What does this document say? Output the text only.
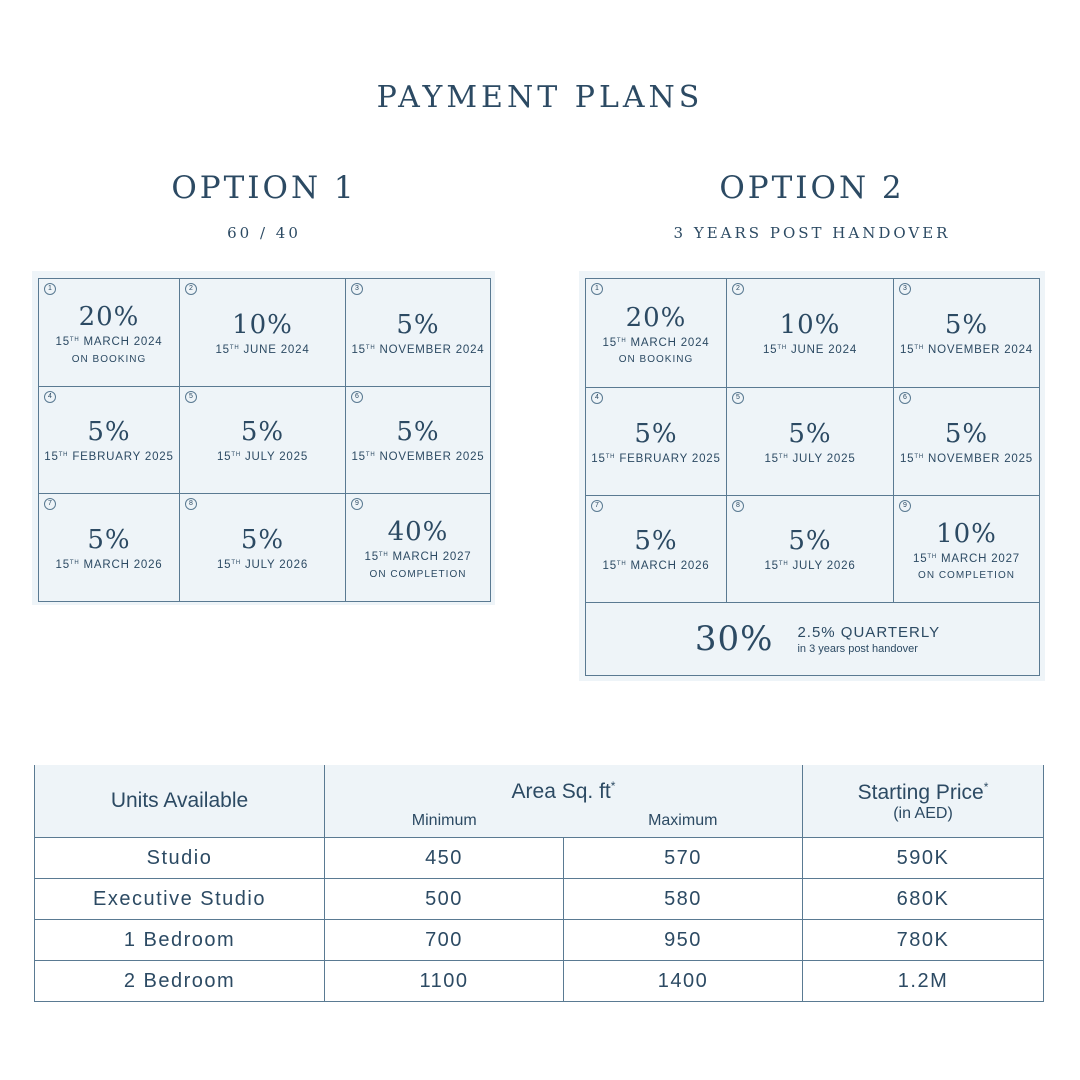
PAYMENT PLANS
OPTION 1
60 / 40
OPTION 2
3 YEARS POST HANDOVER
1
20%
15TH MARCH 2024
ON BOOKING
2
10%
15TH JUNE 2024
3
5%
15TH NOVEMBER 2024
4
5%
15TH FEBRUARY 2025
5
5%
15TH JULY 2025
6
5%
15TH NOVEMBER 2025
7
5%
15TH MARCH 2026
8
5%
15TH JULY 2026
9
40%
15TH MARCH 2027
ON COMPLETION
1
20%
15TH MARCH 2024
ON BOOKING
2
10%
15TH JUNE 2024
3
5%
15TH NOVEMBER 2024
4
5%
15TH FEBRUARY 2025
5
5%
15TH JULY 2025
6
5%
15TH NOVEMBER 2025
7
5%
15TH MARCH 2026
8
5%
15TH JULY 2026
9
10%
15TH MARCH 2027
ON COMPLETION
30% 2.5% QUARTERLY
in 3 years post handover
Units Available	Area Sq. ft*		Starting Price*
(in AED)

	Minimum	Maximum	
Studio	450	570	590K
Executive Studio	500	580	680K
1 Bedroom	700	950	780K
2 Bedroom	1100	1400	1.2M
